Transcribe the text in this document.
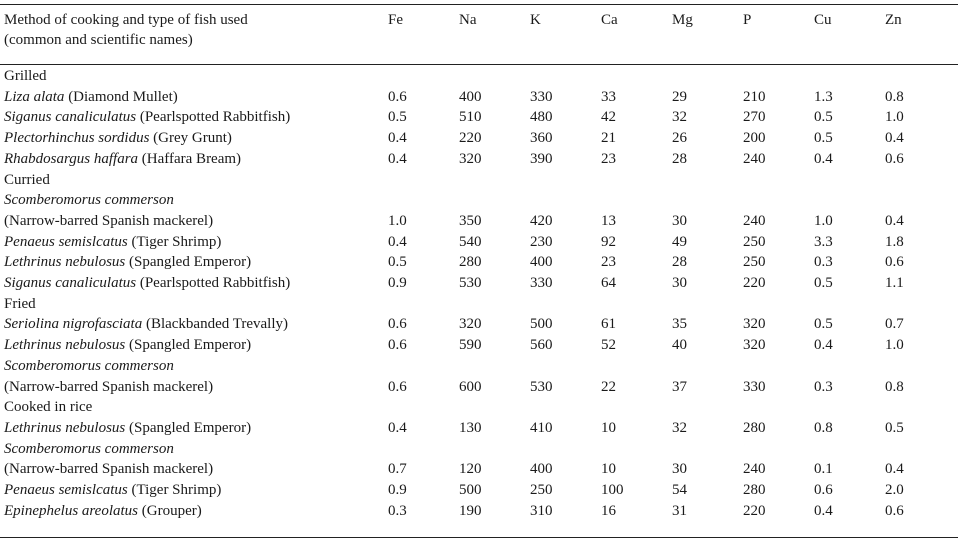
Method of cooking and type of fish used
(common and scientific names)	Fe	Na	K	Ca	Mg	P	Cu	Zn

Grilled								
Liza alata (Diamond Mullet)	0.6	400	330	33	29	210	1.3	0.8
Siganus canaliculatus (Pearlspotted Rabbitfish)	0.5	510	480	42	32	270	0.5	1.0
Plectorhinchus sordidus (Grey Grunt)	0.4	220	360	21	26	200	0.5	0.4
Rhabdosargus haffara (Haffara Bream)	0.4	320	390	23	28	240	0.4	0.6
Curried								
Scomberomorus commerson								
(Narrow-barred Spanish mackerel)	1.0	350	420	13	30	240	1.0	0.4
Penaeus semislcatus (Tiger Shrimp)	0.4	540	230	92	49	250	3.3	1.8
Lethrinus nebulosus (Spangled Emperor)	0.5	280	400	23	28	250	0.3	0.6
Siganus canaliculatus (Pearlspotted Rabbitfish)	0.9	530	330	64	30	220	0.5	1.1
Fried								
Seriolina nigrofasciata (Blackbanded Trevally)	0.6	320	500	61	35	320	0.5	0.7
Lethrinus nebulosus (Spangled Emperor)	0.6	590	560	52	40	320	0.4	1.0
Scomberomorus commerson								
(Narrow-barred Spanish mackerel)	0.6	600	530	22	37	330	0.3	0.8
Cooked in rice								
Lethrinus nebulosus (Spangled Emperor)	0.4	130	410	10	32	280	0.8	0.5
Scomberomorus commerson								
(Narrow-barred Spanish mackerel)	0.7	120	400	10	30	240	0.1	0.4
Penaeus semislcatus (Tiger Shrimp)	0.9	500	250	100	54	280	0.6	2.0
Epinephelus areolatus (Grouper)	0.3	190	310	16	31	220	0.4	0.6
